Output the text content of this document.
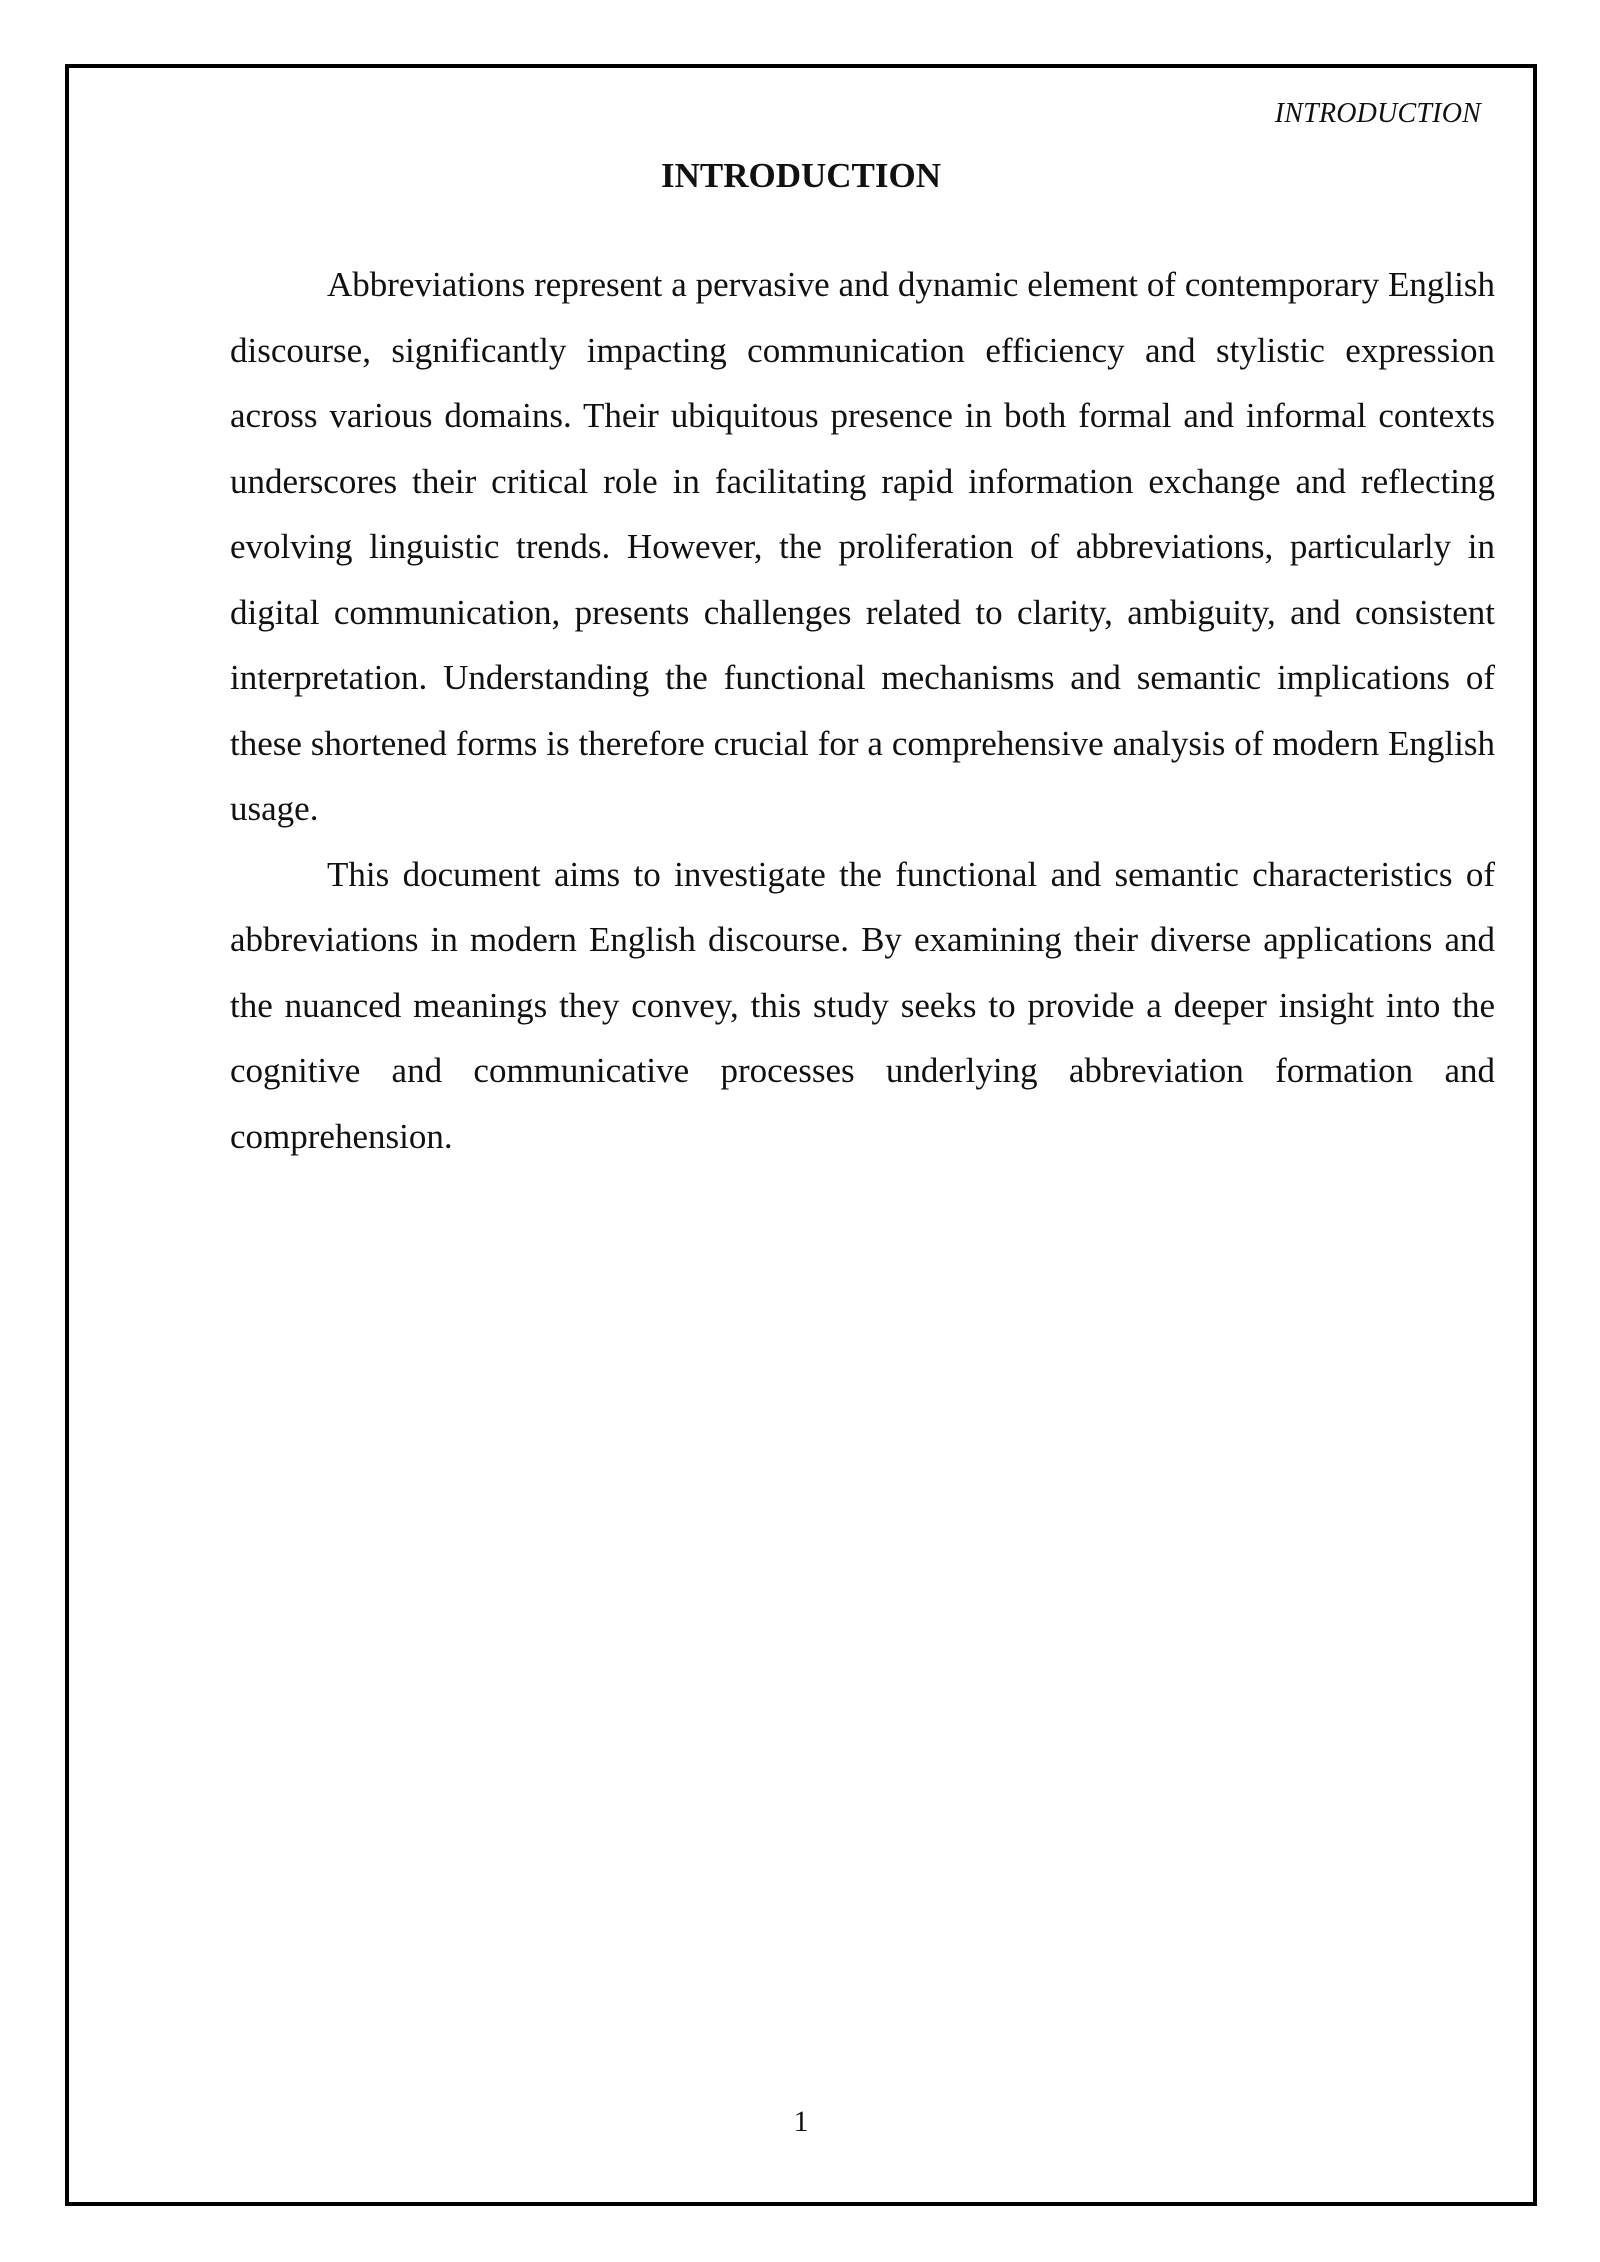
INTRODUCTION
INTRODUCTION

Abbreviations represent a pervasive and dynamic element of contemporary English discourse, significantly impacting communication efficiency and stylistic expression across various domains. Their ubiquitous presence in both formal and informal contexts underscores their critical role in facilitating rapid information exchange and reflecting evolving linguistic trends. However, the proliferation of abbreviations, particularly in digital communication, presents challenges related to clarity, ambiguity, and consistent interpretation. Understanding the functional mechanisms and semantic implications of these shortened forms is therefore crucial for a comprehensive analysis of modern English usage.

This document aims to investigate the functional and semantic characteristics of abbreviations in modern English discourse. By examining their diverse applications and the nuanced meanings they convey, this study seeks to provide a deeper insight into the cognitive and communicative processes underlying abbreviation formation and comprehension.

1
